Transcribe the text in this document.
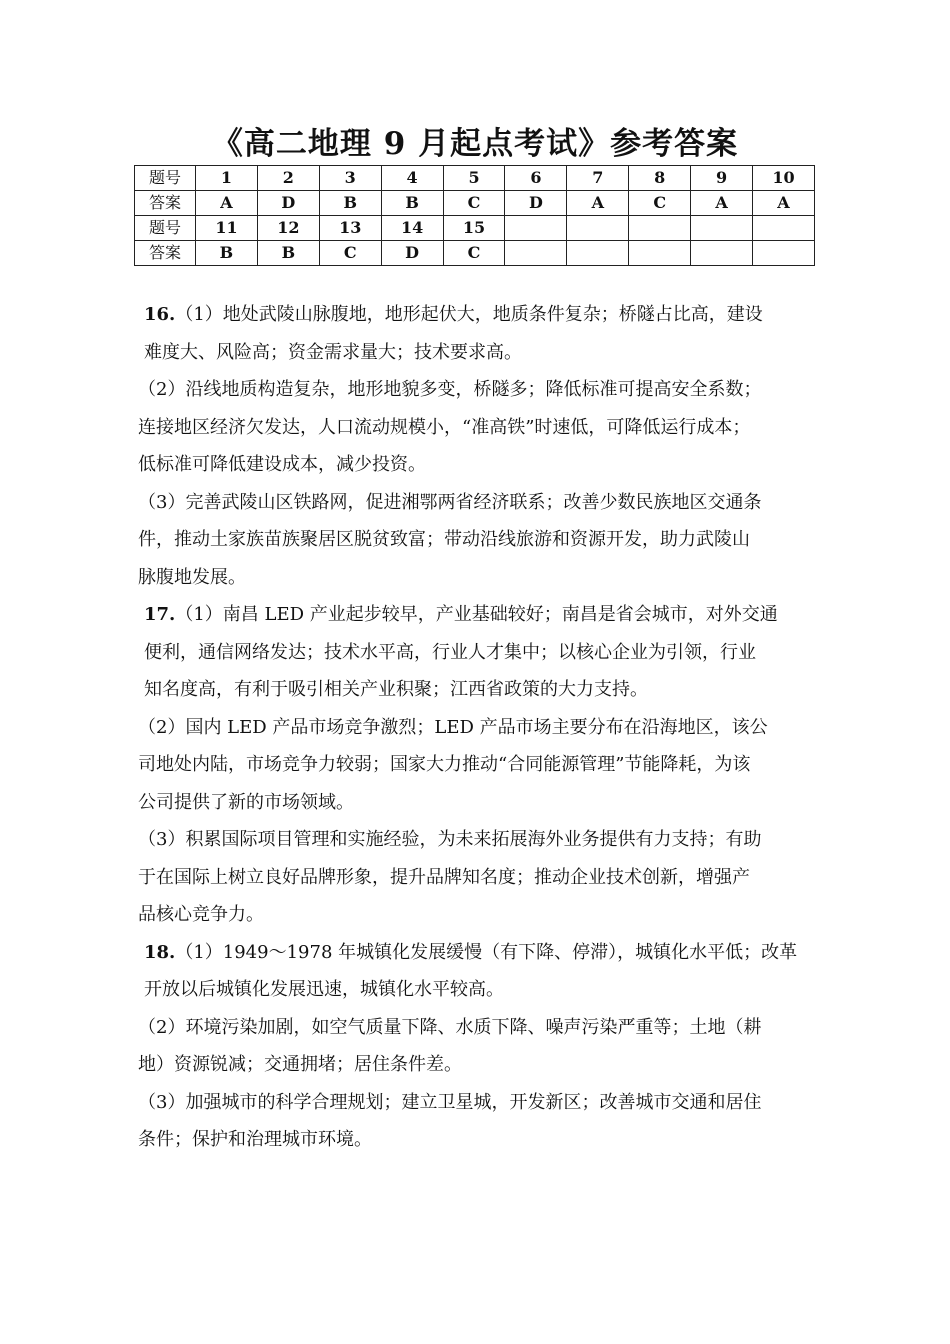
《高二地理 9 月起点考试》参考答案
题号	1	2	3	4	5	6	7	8	9	10
答案	A	D	B	B	C	D	A	C	A	A
题号	11	12	13	14	15					
答案	B	B	C	D	C					

16.（1）地处武陵山脉腹地，地形起伏大，地质条件复杂；桥隧占比高，建设
难度大、风险高；资金需求量大；技术要求高。

（2）沿线地质构造复杂，地形地貌多变，桥隧多；降低标准可提高安全系数；
连接地区经济欠发达，人口流动规模小，“准高铁”时速低，可降低运行成本；
低标准可降低建设成本，减少投资。

（3）完善武陵山区铁路网，促进湘鄂两省经济联系；改善少数民族地区交通条
件，推动土家族苗族聚居区脱贫致富；带动沿线旅游和资源开发，助力武陵山
脉腹地发展。

17.（1）南昌 LED 产业起步较早，产业基础较好；南昌是省会城市，对外交通
便利，通信网络发达；技术水平高，行业人才集中；以核心企业为引领，行业
知名度高，有利于吸引相关产业积聚；江西省政策的大力支持。

（2）国内 LED 产品市场竞争激烈；LED 产品市场主要分布在沿海地区，该公
司地处内陆，市场竞争力较弱；国家大力推动“合同能源管理”节能降耗，为该
公司提供了新的市场领域。

（3）积累国际项目管理和实施经验，为未来拓展海外业务提供有力支持；有助
于在国际上树立良好品牌形象，提升品牌知名度；推动企业技术创新，增强产
品核心竞争力。

18.（1）1949～1978 年城镇化发展缓慢（有下降、停滞），城镇化水平低；改革
开放以后城镇化发展迅速，城镇化水平较高。

（2）环境污染加剧，如空气质量下降、水质下降、噪声污染严重等；土地（耕
地）资源锐减；交通拥堵；居住条件差。

（3）加强城市的科学合理规划；建立卫星城，开发新区；改善城市交通和居住
条件；保护和治理城市环境。
